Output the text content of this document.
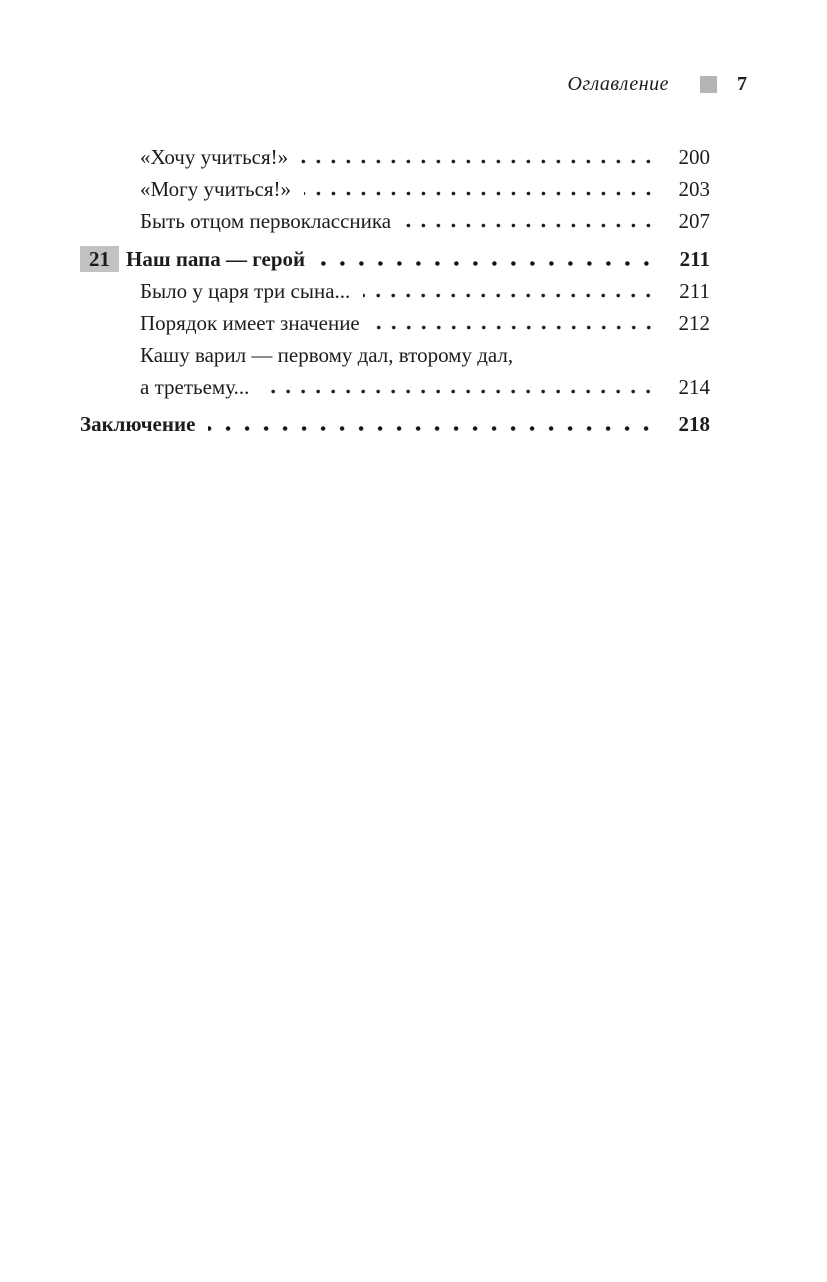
Оглавление	7
«Хочу учиться!»	200
«Могу учиться!»	203
Быть отцом первоклассника	207
21 Наш папа — герой	211
Было у царя три сына...	211
Порядок имеет значение	212
Кашу варил — первому дал, второму дал,
а третьему...	214
Заключение	218
